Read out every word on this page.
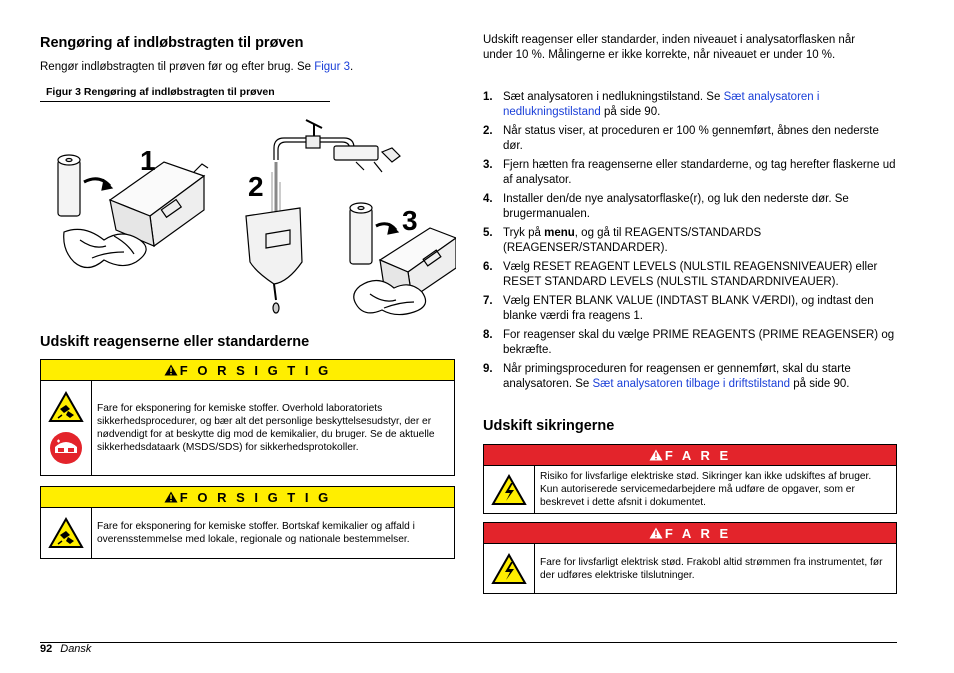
Rengøring af indløbstragten til prøven
Rengør indløbstragten til prøven før og efter brug. Se Figur 3.
Figur 3 Rengøring af indløbstragten til prøven
1
2
3
Udskift reagenserne eller standarderne
F O R S I G T I G
Fare for eksponering for kemiske stoffer. Overhold laboratoriets sikkerhedsprocedurer, og bær alt det personlige beskyttelsesudstyr, der er nødvendigt for at beskytte dig mod de kemikalier, du bruger. Se de aktuelle sikkerhedsdataark (MSDS/SDS) for sikkerhedsprotokoller.
F O R S I G T I G
Fare for eksponering for kemiske stoffer. Bortskaf kemikalier og affald i overensstemmelse med lokale, regionale og nationale bestemmelser.
Udskift reagenser eller standarder, inden niveauet i analysatorflasken når under 10 %. Målingerne er ikke korrekte, når niveauet er under 10 %.
1. Sæt analysatoren i nedlukningstilstand. Se Sæt analysatoren i nedlukningstilstand på side 90.
2. Når status viser, at proceduren er 100 % gennemført, åbnes den nederste dør.
3. Fjern hætten fra reagenserne eller standarderne, og tag herefter flaskerne ud af analysator.
4. Installer den/de nye analysatorflaske(r), og luk den nederste dør. Se brugermanualen.
5. Tryk på menu, og gå til REAGENTS/STANDARDS (REAGENSER/STANDARDER).
6. Vælg RESET REAGENT LEVELS (NULSTIL REAGENSNIVEAUER) eller RESET STANDARD LEVELS (NULSTIL STANDARDNIVEAUER).
7. Vælg ENTER BLANK VALUE (INDTAST BLANK VÆRDI), og indtast den blanke værdi fra reagens 1.
8. For reagenser skal du vælge PRIME REAGENTS (PRIME REAGENSER) og bekræfte.
9. Når primingsproceduren for reagensen er gennemført, skal du starte analysatoren. Se Sæt analysatoren tilbage i driftstilstand på side 90.
Udskift sikringerne
F A R E
Risiko for livsfarlige elektriske stød. Sikringer kan ikke udskiftes af bruger. Kun autoriserede servicemedarbejdere må udføre de opgaver, som er beskrevet i dette afsnit i dokumentet.
F A R E
Fare for livsfarligt elektrisk stød. Frakobl altid strømmen fra instrumentet, før der udføres elektriske tilslutninger.
92 Dansk
